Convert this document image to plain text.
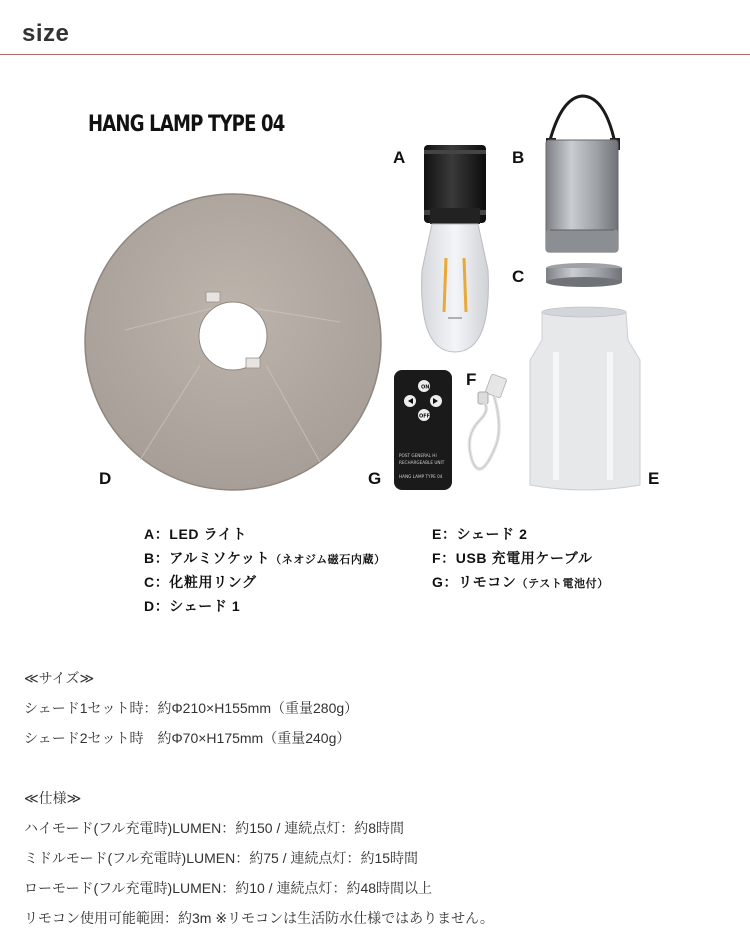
size
HANG LAMP TYPE 04
ON
OFF
POST GENERAL HI
RECHARGEABLE UNIT
HANG LAMP TYPE 04
A	B
C
D	E
F
G
A：LED ライト
B：アルミソケット（ネオジム磁石内蔵）
C：化粧用リング
D：シェード 1
E：シェード 2
F：USB 充電用ケーブル
G：リモコン（テスト電池付）
≪サイズ≫
シェード1セット時：約Φ210×H155mm（重量280g）
シェード2セット時　約Φ70×H175mm（重量240g）
≪仕様≫
ハイモード(フル充電時)LUMEN：約150 / 連続点灯：約8時間
ミドルモード(フル充電時)LUMEN：約75 / 連続点灯：約15時間
ローモード(フル充電時)LUMEN：約10 / 連続点灯：約48時間以上
リモコン使用可能範囲：約3m ※リモコンは生活防水仕様ではありません。
